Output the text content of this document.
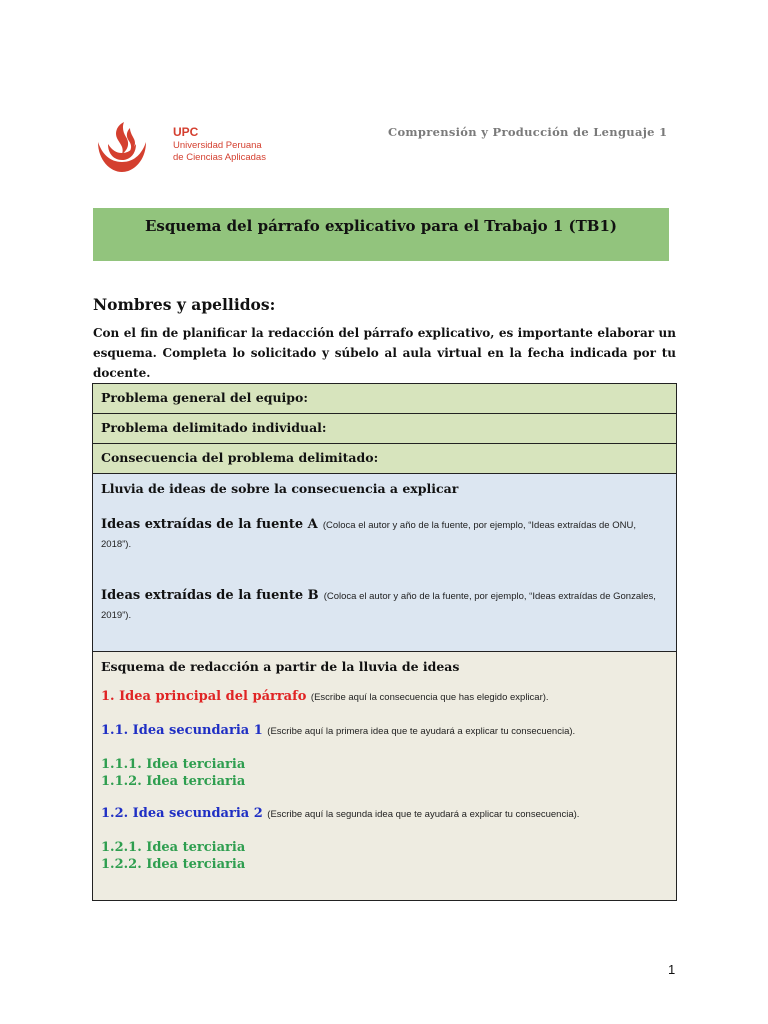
UPC
Universidad Peruana
de Ciencias Aplicadas
Comprensión y Producción de Lenguaje 1
Esquema del párrafo explicativo para el Trabajo 1 (TB1)
Nombres y apellidos:
Con el fin de planificar la redacción del párrafo explicativo, es importante elaborar un esquema. Completa lo solicitado y súbelo al aula virtual en la fecha indicada por tu docente.
Problema general del equipo:
Problema delimitado individual:
Consecuencia del problema delimitado:
Lluvia de ideas de sobre la consecuencia a explicar
Ideas extraídas de la fuente A (Coloca el autor y año de la fuente, por ejemplo, “Ideas extraídas de ONU, 2018”).
Ideas extraídas de la fuente B (Coloca el autor y año de la fuente, por ejemplo, “Ideas extraídas de Gonzales, 2019”).
Esquema de redacción a partir de la lluvia de ideas
1. Idea principal del párrafo (Escribe aquí la consecuencia que has elegido explicar).
1.1. Idea secundaria 1 (Escribe aquí la primera idea que te ayudará a explicar tu consecuencia).
1.1.1. Idea terciaria
1.1.2. Idea terciaria
1.2. Idea secundaria 2 (Escribe aquí la segunda idea que te ayudará a explicar tu consecuencia).
1.2.1. Idea terciaria
1.2.2. Idea terciaria
1
